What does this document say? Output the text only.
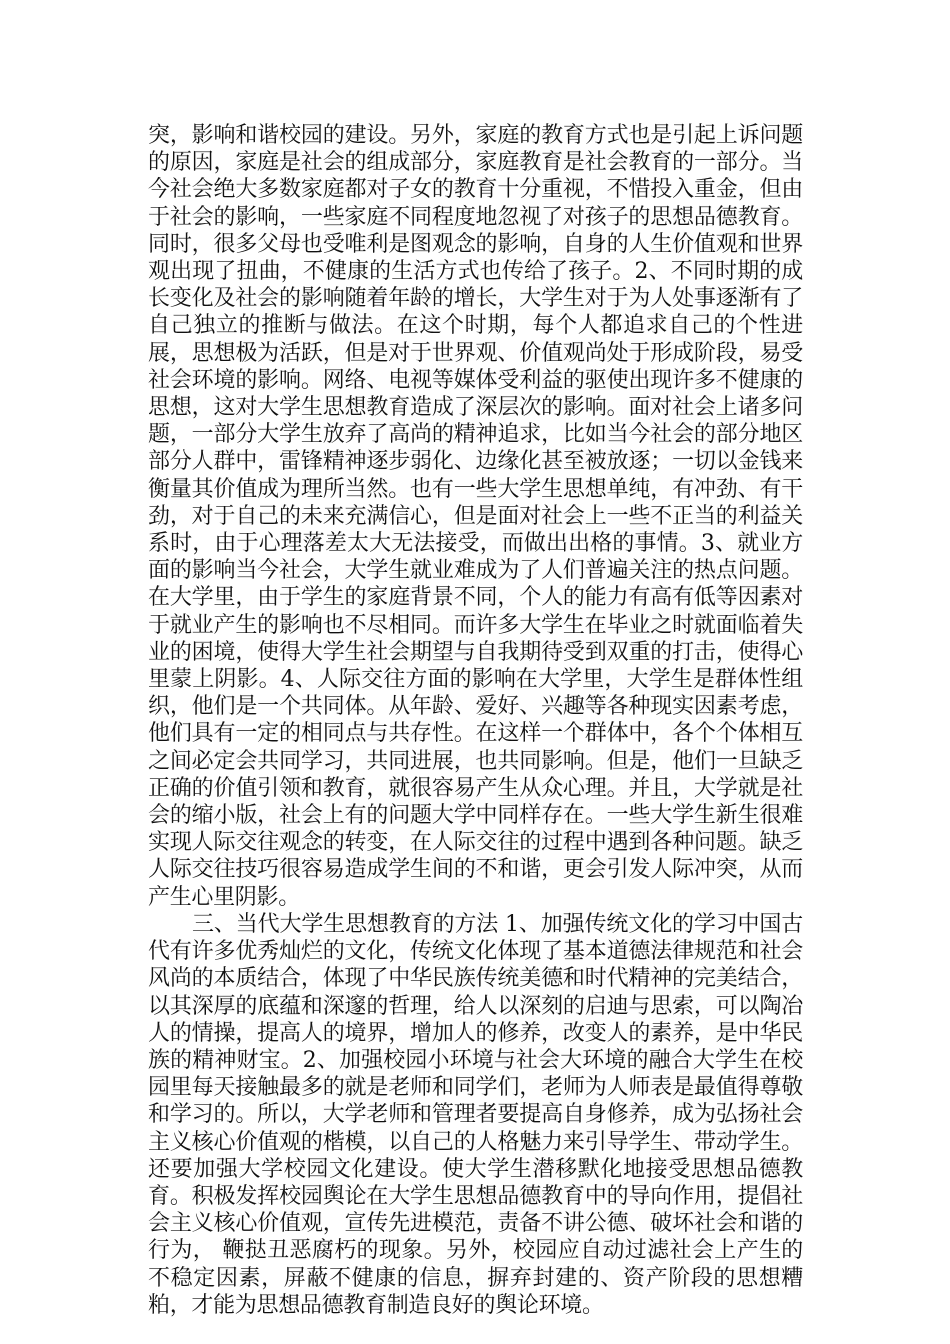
突，影响和谐校园的建设。另外，家庭的教育方式也是引起上诉问题的原因，家庭是社会的组成部分，家庭教育是社会教育的一部分。当今社会绝大多数家庭都对子女的教育十分重视，不惜投入重金，但由于社会的影响，一些家庭不同程度地忽视了对孩子的思想品德教育。同时，很多父母也受唯利是图观念的影响，自身的人生价值观和世界观出现了扭曲，不健康的生活方式也传给了孩子。2、不同时期的成长变化及社会的影响随着年龄的增长，大学生对于为人处事逐渐有了自己独立的推断与做法。在这个时期，每个人都追求自己的个性进展，思想极为活跃，但是对于世界观、价值观尚处于形成阶段，易受社会环境的影响。网络、电视等媒体受利益的驱使出现许多不健康的思想，这对大学生思想教育造成了深层次的影响。面对社会上诸多问题，一部分大学生放弃了高尚的精神追求，比如当今社会的部分地区部分人群中，雷锋精神逐步弱化、边缘化甚至被放逐；一切以金钱来衡量其价值成为理所当然。也有一些大学生思想单纯，有冲劲、有干劲，对于自己的未来充满信心，但是面对社会上一些不正当的利益关系时，由于心理落差太大无法接受，而做出出格的事情。3、就业方面的影响当今社会，大学生就业难成为了人们普遍关注的热点问题。在大学里，由于学生的家庭背景不同，个人的能力有高有低等因素对于就业产生的影响也不尽相同。而许多大学生在毕业之时就面临着失业的困境，使得大学生社会期望与自我期待受到双重的打击，使得心里蒙上阴影。4、人际交往方面的影响在大学里，大学生是群体性组织，他们是一个共同体。从年龄、爱好、兴趣等各种现实因素考虑，他们具有一定的相同点与共存性。在这样一个群体中，各个个体相互之间必定会共同学习，共同进展，也共同影响。但是，他们一旦缺乏正确的价值引领和教育，就很容易产生从众心理。并且，大学就是社会的缩小版，社会上有的问题大学中同样存在。一些大学生新生很难实现人际交往观念的转变，在人际交往的过程中遇到各种问题。缺乏人际交往技巧很容易造成学生间的不和谐，更会引发人际冲突，从而产生心里阴影。

三、当代大学生思想教育的方法 1、加强传统文化的学习中国古代有许多优秀灿烂的文化，传统文化体现了基本道德法律规范和社会风尚的本质结合，体现了中华民族传统美德和时代精神的完美结合，以其深厚的底蕴和深邃的哲理，给人以深刻的启迪与思索，可以陶冶人的情操，提高人的境界，增加人的修养，改变人的素养，是中华民族的精神财宝。2、加强校园小环境与社会大环境的融合大学生在校园里每天接触最多的就是老师和同学们，老师为人师表是最值得尊敬和学习的。所以，大学老师和管理者要提高自身修养，成为弘扬社会主义核心价值观的楷模，以自己的人格魅力来引导学生、带动学生。还要加强大学校园文化建设。使大学生潜移默化地接受思想品德教育。积极发挥校园舆论在大学生思想品德教育中的导向作用，提倡社会主义核心价值观，宣传先进模范，责备不讲公德、破坏社会和谐的行为， 鞭挞丑恶腐朽的现象。另外，校园应自动过滤社会上产生的不稳定因素，屏蔽不健康的信息，摒弃封建的、资产阶段的思想糟粕，才能为思想品德教育制造良好的舆论环境。
